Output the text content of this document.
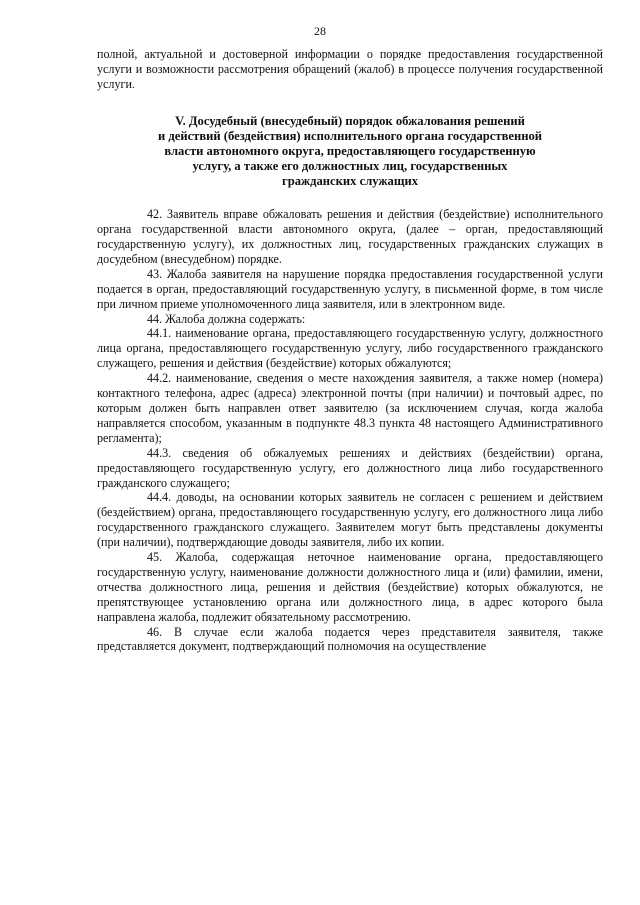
28

полной, актуальной и достоверной информации о порядке предоставления государственной услуги и возможности рассмотрения обращений (жалоб) в процессе получения государственной услуги.

V. Досудебный (внесудебный) порядок обжалования решений
и действий (бездействия) исполнительного органа государственной
власти автономного округа, предоставляющего государственную
услугу, а также его должностных лиц, государственных
гражданских служащих

42. Заявитель вправе обжаловать решения и действия (бездействие) исполнительного органа государственной власти автономного округа, (далее – орган, предоставляющий государственную услугу), их должностных лиц, государственных гражданских служащих в досудебном (внесудебном) порядке.

43. Жалоба заявителя на нарушение порядка предоставления государственной услуги подается в орган, предоставляющий государственную услугу, в письменной форме, в том числе при личном приеме уполномоченного лица заявителя, или в электронном виде.

44. Жалоба должна содержать:

44.1. наименование органа, предоставляющего государственную услугу, должностного лица органа, предоставляющего государственную услугу, либо государственного гражданского служащего, решения и действия (бездействие) которых обжалуются;

44.2. наименование, сведения о месте нахождения заявителя, а также номер (номера) контактного телефона, адрес (адреса) электронной почты (при наличии) и почтовый адрес, по которым должен быть направлен ответ заявителю (за исключением случая, когда жалоба направляется способом, указанным в подпункте 48.3 пункта 48 настоящего Административного регламента);

44.3. сведения об обжалуемых решениях и действиях (бездействии) органа, предоставляющего государственную услугу, его должностного лица либо государственного гражданского служащего;

44.4. доводы, на основании которых заявитель не согласен с решением и действием (бездействием) органа, предоставляющего государственную услугу, его должностного лица либо государственного гражданского служащего. Заявителем могут быть представлены документы (при наличии), подтверждающие доводы заявителя, либо их копии.

45. Жалоба, содержащая неточное наименование органа, предоставляющего государственную услугу, наименование должности должностного лица и (или) фамилии, имени, отчества должностного лица, решения и действия (бездействие) которых обжалуются, не препятствующее установлению органа или должностного лица, в адрес которого была направлена жалоба, подлежит обязательному рассмотрению.

46. В случае если жалоба подается через представителя заявителя, также представляется документ, подтверждающий полномочия на осуществление
